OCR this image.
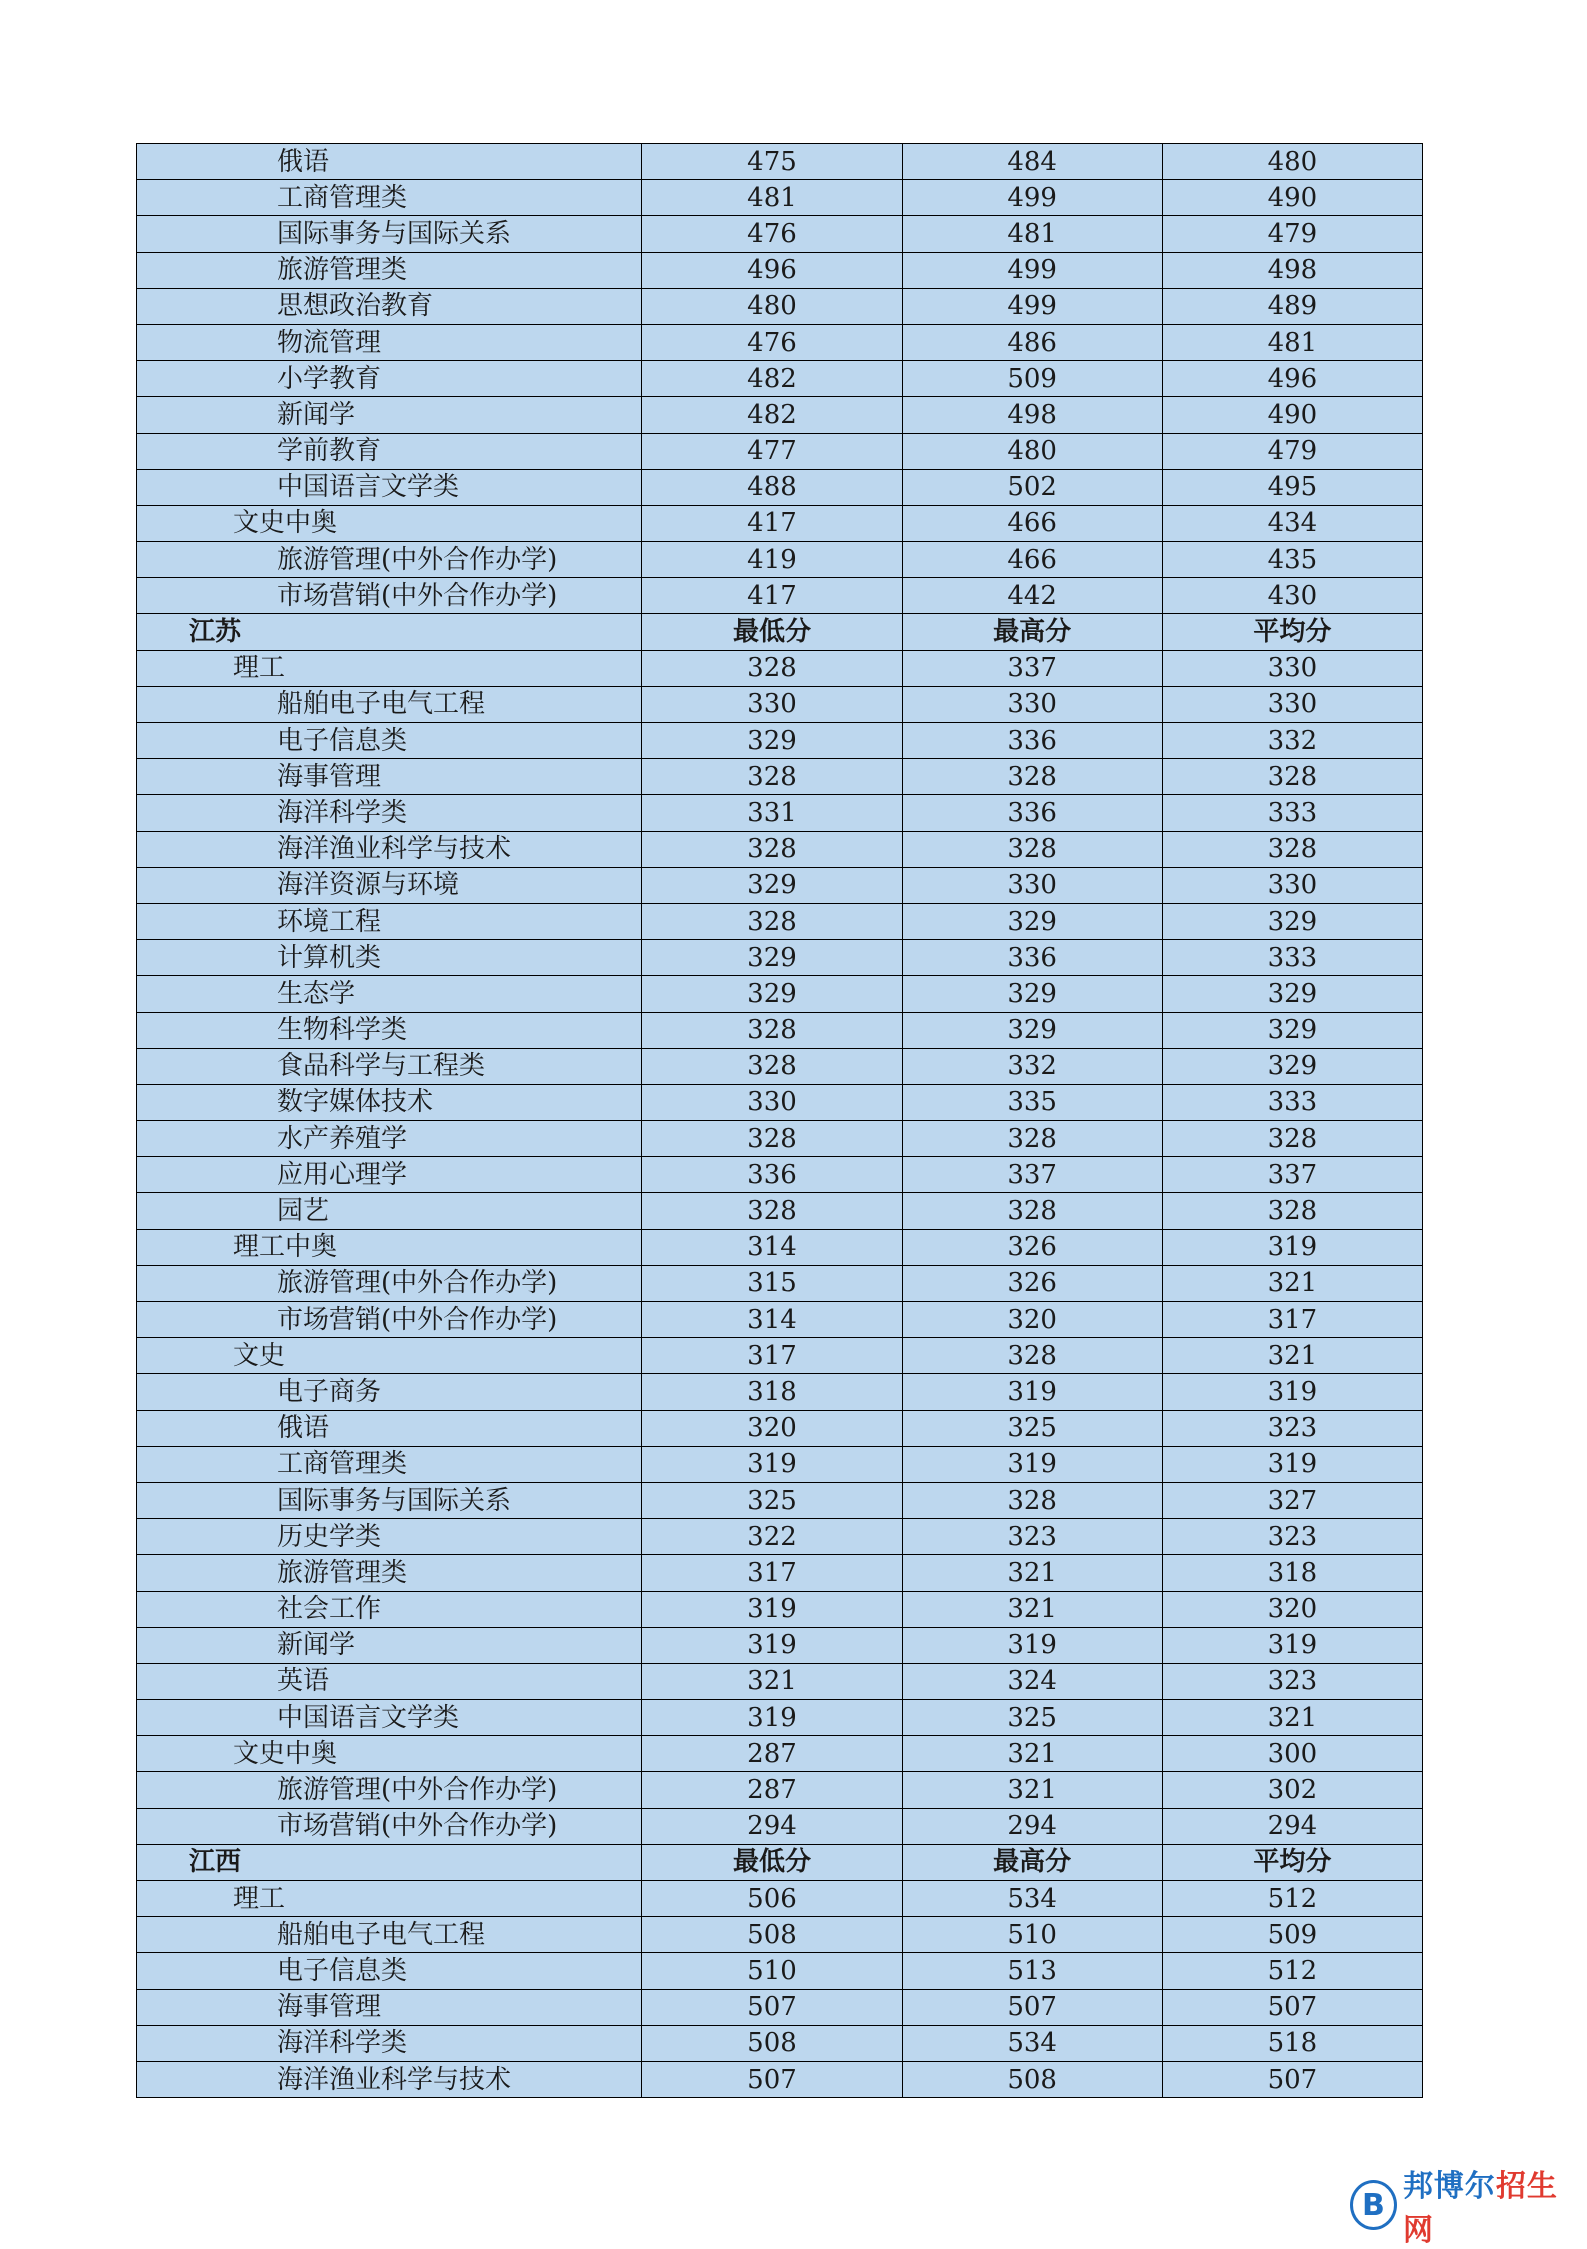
俄语	475	484	480
工商管理类	481	499	490
国际事务与国际关系	476	481	479
旅游管理类	496	499	498
思想政治教育	480	499	489
物流管理	476	486	481
小学教育	482	509	496
新闻学	482	498	490
学前教育	477	480	479
中国语言文学类	488	502	495
文史中奥	417	466	434
旅游管理(中外合作办学)	419	466	435
市场营销(中外合作办学)	417	442	430
江苏	最低分	最高分	平均分
理工	328	337	330
船舶电子电气工程	330	330	330
电子信息类	329	336	332
海事管理	328	328	328
海洋科学类	331	336	333
海洋渔业科学与技术	328	328	328
海洋资源与环境	329	330	330
环境工程	328	329	329
计算机类	329	336	333
生态学	329	329	329
生物科学类	328	329	329
食品科学与工程类	328	332	329
数字媒体技术	330	335	333
水产养殖学	328	328	328
应用心理学	336	337	337
园艺	328	328	328
理工中奥	314	326	319
旅游管理(中外合作办学)	315	326	321
市场营销(中外合作办学)	314	320	317
文史	317	328	321
电子商务	318	319	319
俄语	320	325	323
工商管理类	319	319	319
国际事务与国际关系	325	328	327
历史学类	322	323	323
旅游管理类	317	321	318
社会工作	319	321	320
新闻学	319	319	319
英语	321	324	323
中国语言文学类	319	325	321
文史中奥	287	321	300
旅游管理(中外合作办学)	287	321	302
市场营销(中外合作办学)	294	294	294
江西	最低分	最高分	平均分
理工	506	534	512
船舶电子电气工程	508	510	509
电子信息类	510	513	512
海事管理	507	507	507
海洋科学类	508	534	518
海洋渔业科学与技术	507	508	507
B
邦博尔招生网
